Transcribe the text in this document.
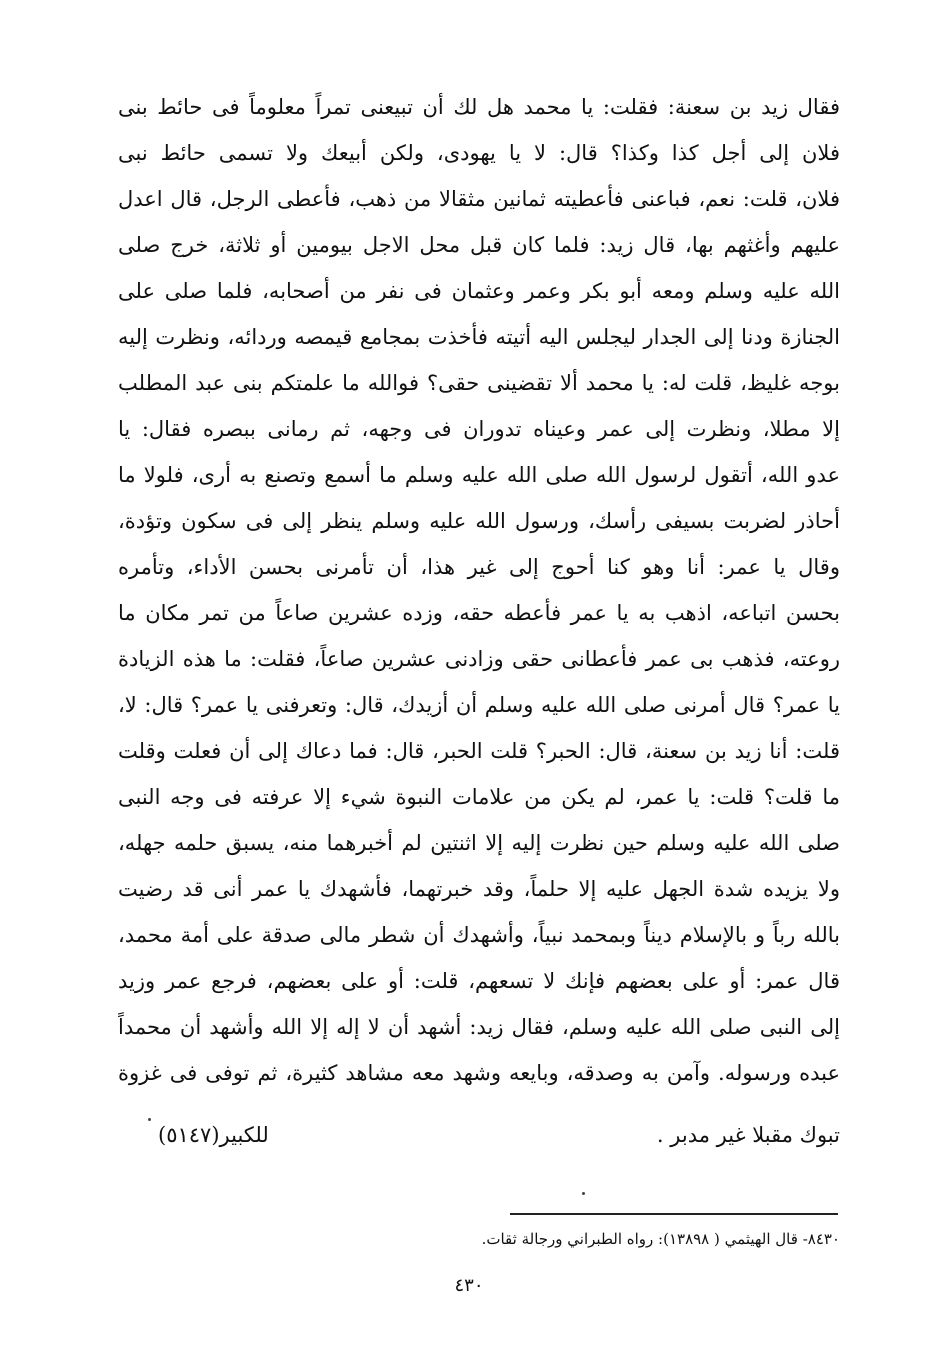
فقال زيد بن سعنة: فقلت: يا محمد هل لك أن تبيعنى تمراً معلوماً فى حائط بنى
فلان إلى أجل كذا وكذا؟ قال: لا يا يهودى، ولكن أبيعك ولا تسمى حائط نبى
فلان، قلت: نعم، فباعنى فأعطيته ثمانين مثقالا من ذهب، فأعطى الرجل، قال اعدل
عليهم وأغثهم بها، قال زيد: فلما كان قبل محل الاجل بيومين أو ثلاثة، خرج صلى
الله عليه وسلم ومعه أبو بكر وعمر وعثمان فى نفر من أصحابه، فلما صلى على
الجنازة ودنا إلى الجدار ليجلس اليه أتيته فأخذت بمجامع قيمصه وردائه، ونظرت إليه
بوجه غليظ، قلت له: يا محمد ألا تقضينى حقى؟ فوالله ما علمتكم بنى عبد المطلب
إلا مطلا، ونظرت إلى عمر وعيناه تدوران فى وجهه، ثم رمانى ببصره فقال: يا
عدو الله، أتقول لرسول الله صلى الله عليه وسلم ما أسمع وتصنع به أرى، فلولا ما
أحاذر لضربت بسيفى رأسك، ورسول الله عليه وسلم ينظر إلى فى سكون وتؤدة،
وقال يا عمر: أنا وهو كنا أحوج إلى غير هذا، أن تأمرنى بحسن الأداء، وتأمره
بحسن اتباعه، اذهب به يا عمر فأعطه حقه، وزده عشرين صاعاً من تمر مكان ما
روعته، فذهب بى عمر فأعطانى حقى وزادنى عشرين صاعاً، فقلت: ما هذه الزيادة
يا عمر؟ قال أمرنى صلى الله عليه وسلم أن أزيدك، قال: وتعرفنى يا عمر؟ قال: لا،
قلت: أنا زيد بن سعنة، قال: الحبر؟ قلت الحبر، قال: فما دعاك إلى أن فعلت وقلت
ما قلت؟ قلت: يا عمر، لم يكن من علامات النبوة شيء إلا عرفته فى وجه النبى
صلى الله عليه وسلم حين نظرت إليه إلا اثنتين لم أخبرهما منه، يسبق حلمه جهله،
ولا يزيده شدة الجهل عليه إلا حلماً، وقد خبرتهما، فأشهدك يا عمر أنى قد رضيت
بالله رباً و بالإسلام ديناً وبمحمد نبياً، وأشهدك أن شطر مالى صدقة على أمة محمد،
قال عمر: أو على بعضهم فإنك لا تسعهم، قلت: أو على بعضهم، فرجع عمر وزيد
إلى النبى صلى الله عليه وسلم، فقال زيد: أشهد أن لا إله إلا الله وأشهد أن محمداً
عبده ورسوله. وآمن به وصدقه، وبايعه وشهد معه مشاهد كثيرة، ثم توفى فى غزوة
تبوك مقبلا غير مدبر .
للكبير(٥١٤٧)
٨٤٣٠- قال الهيثمي ( ١٣٨٩٨): رواه الطبراني ورجالة ثقات.
٤٣٠
